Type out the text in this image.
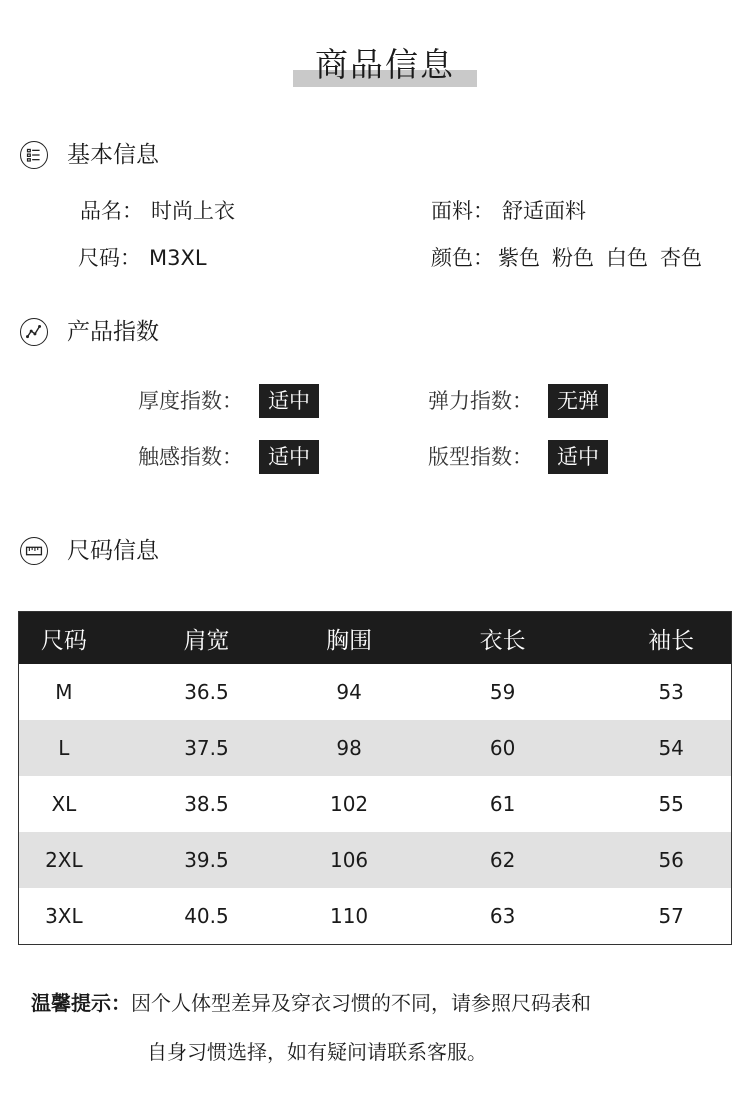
商品信息
基本信息
品名： 时尚上衣	面料： 舒适面料
尺码： M3XL	颜色： 紫色 粉色 白色 杏色
产品指数
厚度指数：	适中	弹力指数：	无弹
触感指数：	适中	版型指数：	适中
尺码信息
尺码	肩宽	胸围	衣长	袖长
M	36.5	94	59	53
L	37.5	98	60	54
XL	38.5	102	61	55
2XL	39.5	106	62	56
3XL	40.5	110	63	57
温馨提示：因个人体型差异及穿衣习惯的不同，请参照尺码表和
自身习惯选择，如有疑问请联系客服。
